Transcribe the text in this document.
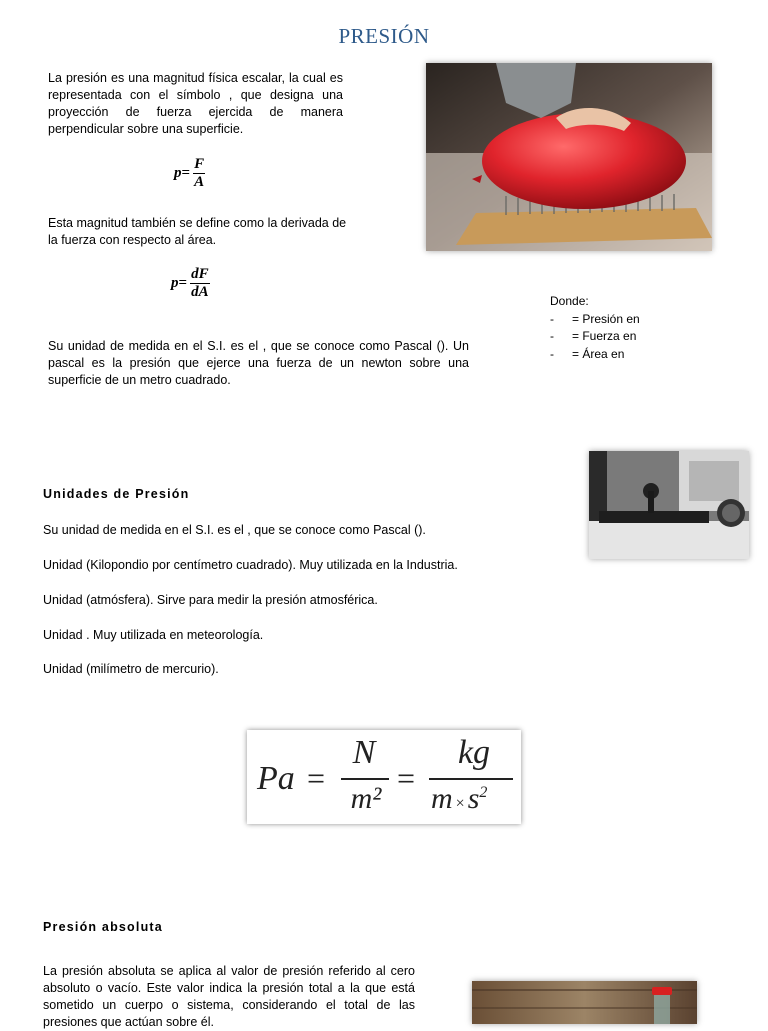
PRESIÓN
La presión es una magnitud física escalar, la cual es representada con el símbolo , que designa una proyección de fuerza ejercida de manera perpendicular sobre una superficie.
$p = \frac{F}{A}$
Esta magnitud también se define como la derivada de la fuerza con respecto al área.
$p = \frac{dF}{dA}$
Su unidad de medida en el S.I. es el , que se conoce como Pascal (). Un pascal es la presión que ejerce una fuerza de un newton sobre una superficie de un metro cuadrado.
Donde:
- = Presión en
- = Fuerza en
- = Área en
Unidades de Presión
Su unidad de medida en el S.I. es el , que se conoce como Pascal ().
Unidad (Kilopondio por centímetro cuadrado). Muy utilizada en la Industria.
Unidad (atmósfera). Sirve para medir la presión atmosférica.
Unidad . Muy utilizada en meteorología.
Unidad (milímetro de mercurio).
Pa =
N
m²
=
kg
$m \times s^2$
Presión absoluta
La presión absoluta se aplica al valor de presión referido al cero absoluto o vacío. Este valor indica la presión total a la que está sometido un cuerpo o sistema, considerando el total de las presiones que actúan sobre él.
